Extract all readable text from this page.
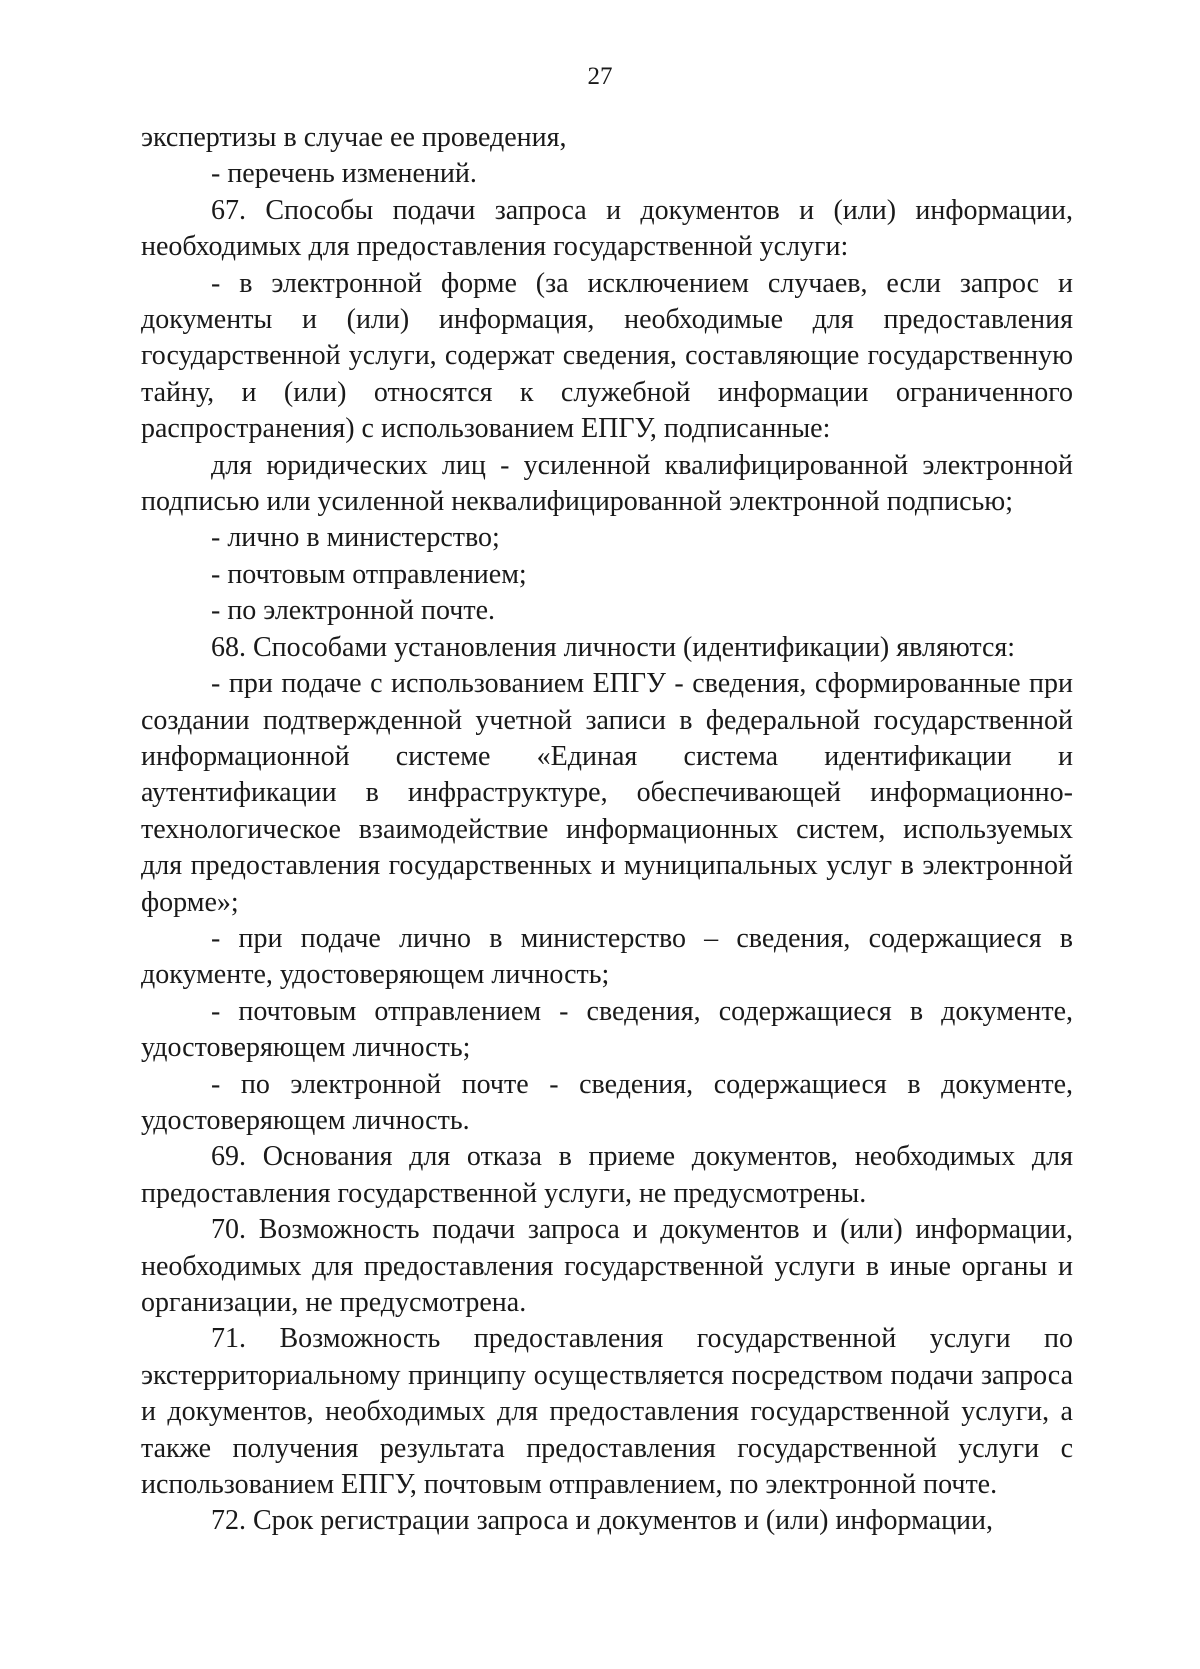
27

экспертизы в случае ее проведения,

- перечень изменений.

67. Способы подачи запроса и документов и (или) информации, необходимых для предоставления государственной услуги:

- в электронной форме (за исключением случаев, если запрос и документы и (или) информация, необходимые для предоставления государственной услуги, содержат сведения, составляющие государственную тайну, и (или) относятся к служебной информации ограниченного распространения) с использованием ЕПГУ, подписанные:

для юридических лиц - усиленной квалифицированной электронной подписью или усиленной неквалифицированной электронной подписью;

- лично в министерство;

- почтовым отправлением;

- по электронной почте.

68. Способами установления личности (идентификации) являются:

- при подаче с использованием ЕПГУ - сведения, сформированные при создании подтвержденной учетной записи в федеральной государственной информационной системе «Единая система идентификации и аутентификации в инфраструктуре, обеспечивающей информационно-технологическое взаимодействие информационных систем, используемых для предоставления государственных и муниципальных услуг в электронной форме»;

- при подаче лично в министерство – сведения, содержащиеся в документе, удостоверяющем личность;

- почтовым отправлением - сведения, содержащиеся в документе, удостоверяющем личность;

- по электронной почте - сведения, содержащиеся в документе, удостоверяющем личность.

69. Основания для отказа в приеме документов, необходимых для предоставления государственной услуги, не предусмотрены.

70. Возможность подачи запроса и документов и (или) информации, необходимых для предоставления государственной услуги в иные органы и организации, не предусмотрена.

71. Возможность предоставления государственной услуги по экстерриториальному принципу осуществляется посредством подачи запроса и документов, необходимых для предоставления государственной услуги, а также получения результата предоставления государственной услуги с использованием ЕПГУ, почтовым отправлением, по электронной почте.

72. Срок регистрации запроса и документов и (или) информации,
